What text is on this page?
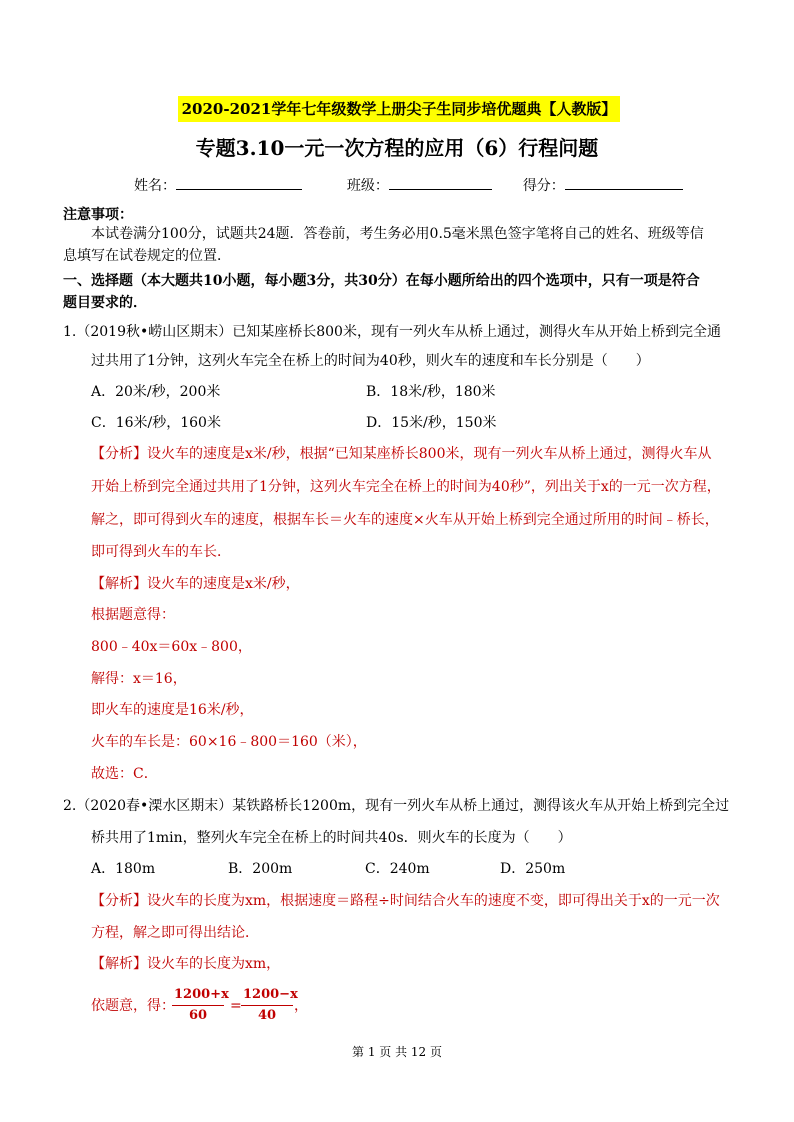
2020-2021学年七年级数学上册尖子生同步培优题典【人教版】
专题3.10一元一次方程的应用（6）行程问题
姓名：	班级：	得分：
注意事项：
本试卷满分100分，试题共24题．答卷前，考生务必用0.5毫米黑色签字笔将自己的姓名、班级等信
息填写在试卷规定的位置．
一、选择题（本大题共10小题，每小题3分，共30分）在每小题所给出的四个选项中，只有一项是符合
题目要求的．
1.（2019秋•崂山区期末）已知某座桥长800米，现有一列火车从桥上通过，测得火车从开始上桥到完全通
过共用了1分钟，这列火车完全在桥上的时间为40秒，则火车的速度和车长分别是（　　）
A．20米/秒，200米	B．18米/秒，180米
C．16米/秒，160米	D．15米/秒，150米
【分析】设火车的速度是x米/秒，根据“已知某座桥长800米，现有一列火车从桥上通过，测得火车从
开始上桥到完全通过共用了1分钟，这列火车完全在桥上的时间为40秒”，列出关于x的一元一次方程，
解之，即可得到火车的速度，根据车长＝火车的速度×火车从开始上桥到完全通过所用的时间﹣桥长，
即可得到火车的车长．
【解析】设火车的速度是x米/秒，
根据题意得：
800﹣40x＝60x﹣800，
解得：x＝16，
即火车的速度是16米/秒，
火车的车长是：60×16﹣800＝160（米），
故选：C．
2.（2020春•溧水区期末）某铁路桥长1200m，现有一列火车从桥上通过，测得该火车从开始上桥到完全过
桥共用了1min，整列火车完全在桥上的时间共40s．则火车的长度为（　　）
A．180m	B．200m	C．240m	D．250m
【分析】设火车的长度为xm，根据速度＝路程÷时间结合火车的速度不变，即可得出关于x的一元一次
方程，解之即可得出结论．
【解析】设火车的长度为xm，
依题意，得：
$\frac{1200+x}{60} = \frac{1200-x}{40}$ ，
第 1 页 共 12 页
